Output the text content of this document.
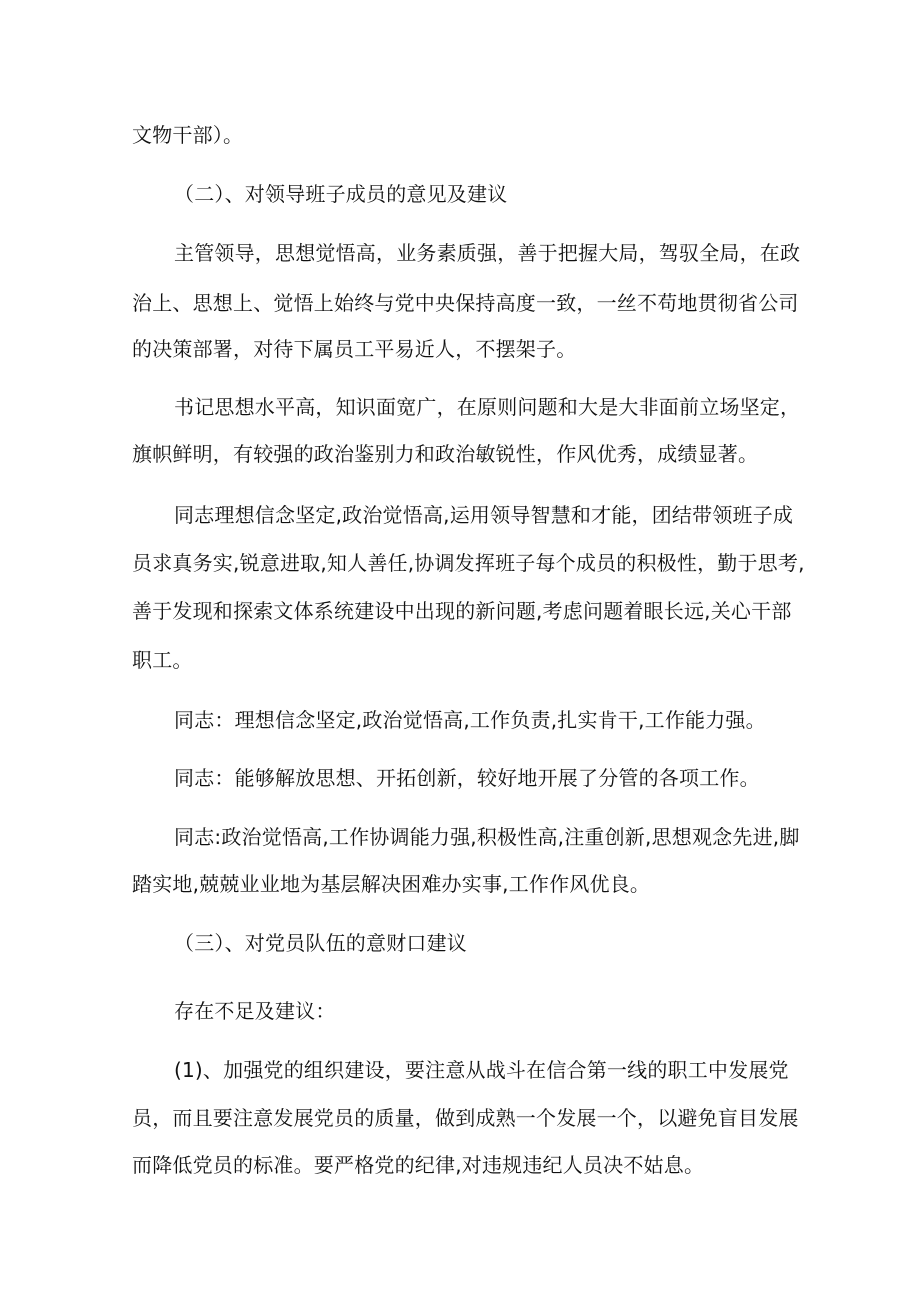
文物干部）。
（二）、对领导班子成员的意见及建议
主管领导，思想觉悟高，业务素质强，善于把握大局，驾驭全局，在政
治上、思想上、觉悟上始终与党中央保持高度一致，一丝不苟地贯彻省公司
的决策部署，对待下属员工平易近人，不摆架子。
书记思想水平高，知识面宽广，在原则问题和大是大非面前立场坚定，
旗帜鲜明，有较强的政治鉴别力和政治敏锐性，作风优秀，成绩显著。
同志理想信念坚定,政治觉悟高,运用领导智慧和才能，团结带领班子成
员求真务实,锐意进取,知人善任,协调发挥班子每个成员的积极性，勤于思考,
善于发现和探索文体系统建设中出现的新问题,考虑问题着眼长远,关心干部
职工。
同志：理想信念坚定,政治觉悟高,工作负责,扎实肯干,工作能力强。
同志：能够解放思想、开拓创新，较好地开展了分管的各项工作。
同志:政治觉悟高,工作协调能力强,积极性高,注重创新,思想观念先进,脚
踏实地,兢兢业业地为基层解决困难办实事,工作作风优良。
（三）、对党员队伍的意财口建议
存在不足及建议：
(1)、加强党的组织建设，要注意从战斗在信合第一线的职工中发展党
员，而且要注意发展党员的质量，做到成熟一个发展一个，以避免盲目发展
而降低党员的标准。要严格党的纪律,对违规违纪人员决不姑息。
